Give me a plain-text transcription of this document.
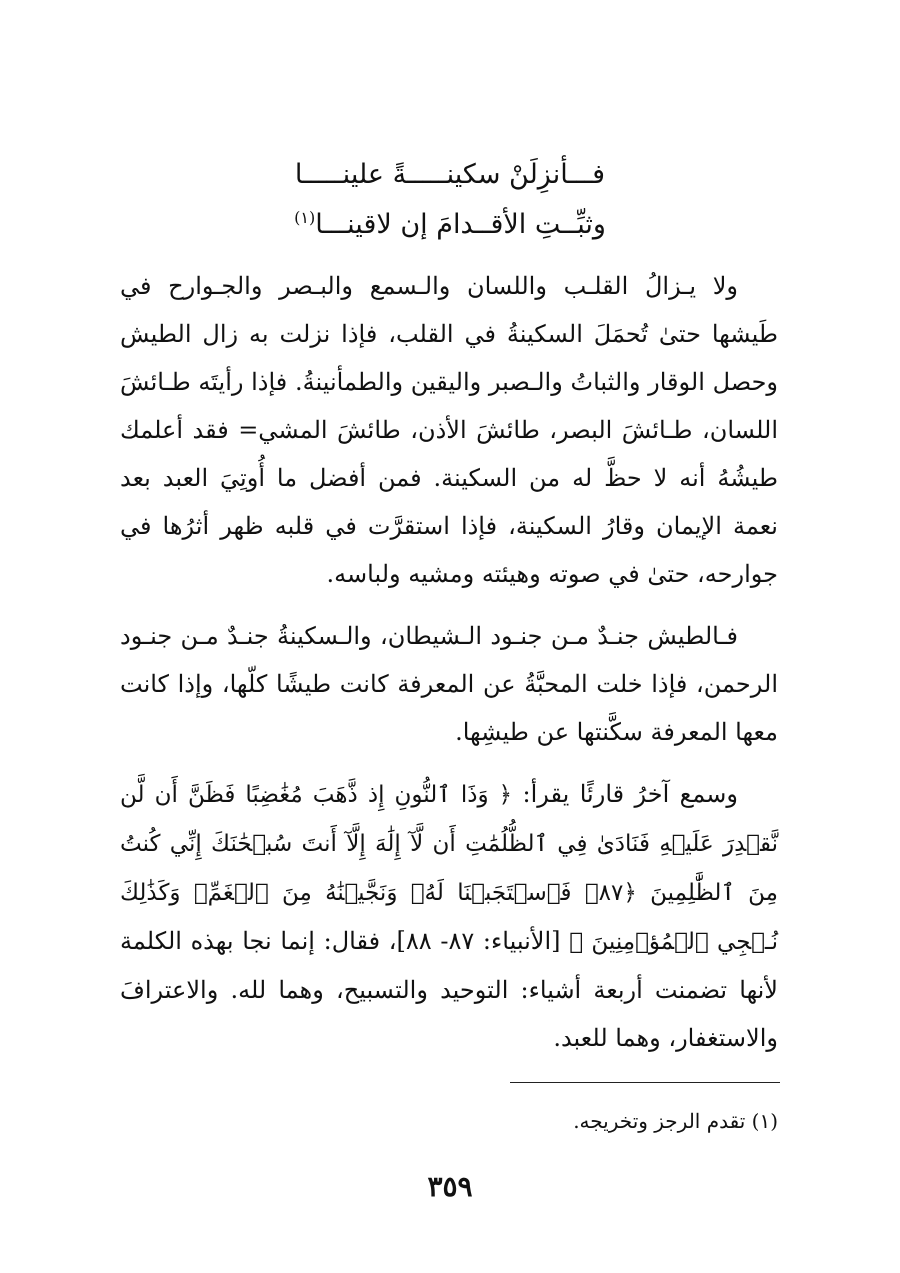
فـــأنزِلَنْ سكينـــــةً علينـــــا
وثبِّــتِ الأقــدامَ إن لاقينـــا$^{(١)}$

ولا يـزالُ القلـب واللسان والـسمع والبـصر والجـوارح في طَيشها حتىٰ تُحمَلَ السكينةُ في القلب، فإذا نزلت به زال الطيش وحصل الوقار والثباتُ والـصبر واليقين والطمأنينةُ. فإذا رأيتَه طـائشَ اللسان، طـائشَ البصر، طائشَ الأذن، طائشَ المشي= فقد أعلمك طيشُهُ أنه لا حظَّ له من السكينة. فمن أفضل ما أُوتِيَ العبد بعد نعمة الإيمان وقارُ السكينة، فإذا استقرَّت في قلبه ظهر أثرُها في جوارحه، حتىٰ في صوته وهيئته ومشيه ولباسه.

فـالطيش جنـدٌ مـن جنـود الـشيطان، والـسكينةُ جنـدٌ مـن جنـود الرحمن، فإذا خلت المحبَّةُ عن المعرفة كانت طيشًا كلّها، وإذا كانت معها المعرفة سكَّنتها عن طيشِها.

وسمع آخرُ قارئًا يقرأ: ﴿ وَذَا ٱلنُّونِ إِذ ذَّهَبَ مُغَٰضِبًا فَظَنَّ أَن لَّن نَّقۡدِرَ عَلَيۡهِ فَنَادَىٰ فِي ٱلظُّلُمَٰتِ أَن لَّآ إِلَٰهَ إِلَّآ أَنتَ سُبۡحَٰنَكَ إِنِّي كُنتُ مِنَ ٱلظَّٰلِمِينَ ﴿٨٧﴾ فَٱسۡتَجَبۡنَا لَهُۥ وَنَجَّيۡنَٰهُ مِنَ ٱلۡغَمِّۚ وَكَذَٰلِكَ نُـۨجِي ٱلۡمُؤۡمِنِينَ ﴾ [الأنبياء: ٨٧- ٨٨]، فقال: إنما نجا بهذه الكلمة لأنها تضمنت أربعة أشياء: التوحيد والتسبيح، وهما لله. والاعترافَ والاستغفار، وهما للعبد.

(١) تقدم الرجز وتخريجه.
٣٥٩
